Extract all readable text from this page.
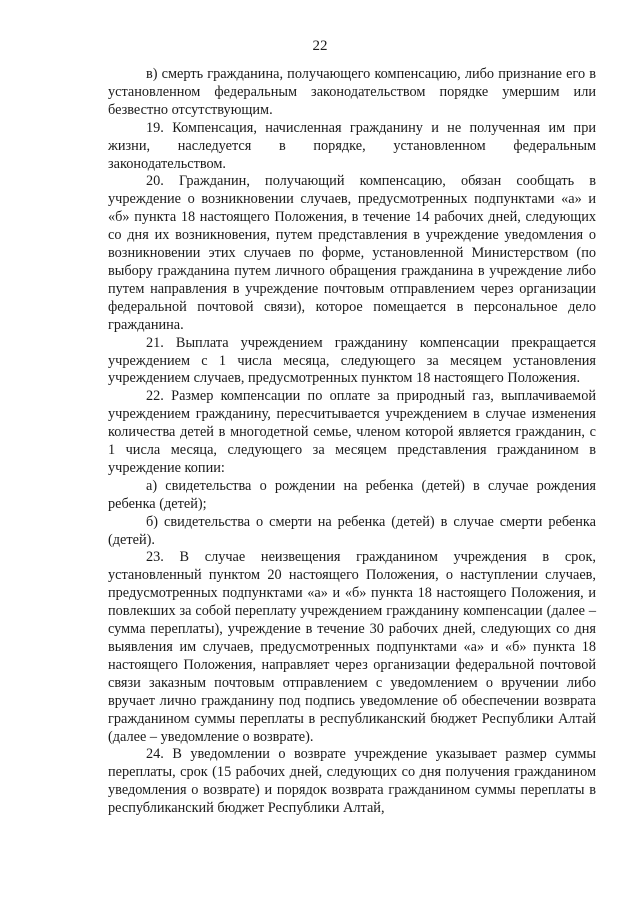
22

в) смерть гражданина, получающего компенсацию, либо признание его в установленном федеральным законодательством порядке умершим или безвестно отсутствующим.

19. Компенсация, начисленная гражданину и не полученная им при жизни, наследуется в порядке, установленном федеральным законодательством.

20. Гражданин, получающий компенсацию, обязан сообщать в учреждение о возникновении случаев, предусмотренных подпунктами «а» и «б» пункта 18 настоящего Положения, в течение 14 рабочих дней, следующих со дня их возникновения, путем представления в учреждение уведомления о возникновении этих случаев по форме, установленной Министерством (по выбору гражданина путем личного обращения гражданина в учреждение либо путем направления в учреждение почтовым отправлением через организации федеральной почтовой связи), которое помещается в персональное дело гражданина.

21. Выплата учреждением гражданину компенсации прекращается учреждением с 1 числа месяца, следующего за месяцем установления учреждением случаев, предусмотренных пунктом 18 настоящего Положения.

22. Размер компенсации по оплате за природный газ, выплачиваемой учреждением гражданину, пересчитывается учреждением в случае изменения количества детей в многодетной семье, членом которой является гражданин, с 1 числа месяца, следующего за месяцем представления гражданином в учреждение копии:

а) свидетельства о рождении на ребенка (детей) в случае рождения ребенка (детей);

б) свидетельства о смерти на ребенка (детей) в случае смерти ребенка (детей).

23. В случае неизвещения гражданином учреждения в срок, установленный пунктом 20 настоящего Положения, о наступлении случаев, предусмотренных подпунктами «а» и «б» пункта 18 настоящего Положения, и повлекших за собой переплату учреждением гражданину компенсации (далее – сумма переплаты), учреждение в течение 30 рабочих дней, следующих со дня выявления им случаев, предусмотренных подпунктами «а» и «б» пункта 18 настоящего Положения, направляет через организации федеральной почтовой связи заказным почтовым отправлением с уведомлением о вручении либо вручает лично гражданину под подпись уведомление об обеспечении возврата гражданином суммы переплаты в республиканский бюджет Республики Алтай (далее – уведомление о возврате).

24. В уведомлении о возврате учреждение указывает размер суммы переплаты, срок (15 рабочих дней, следующих со дня получения гражданином уведомления о возврате) и порядок возврата гражданином суммы переплаты в республиканский бюджет Республики Алтай,
